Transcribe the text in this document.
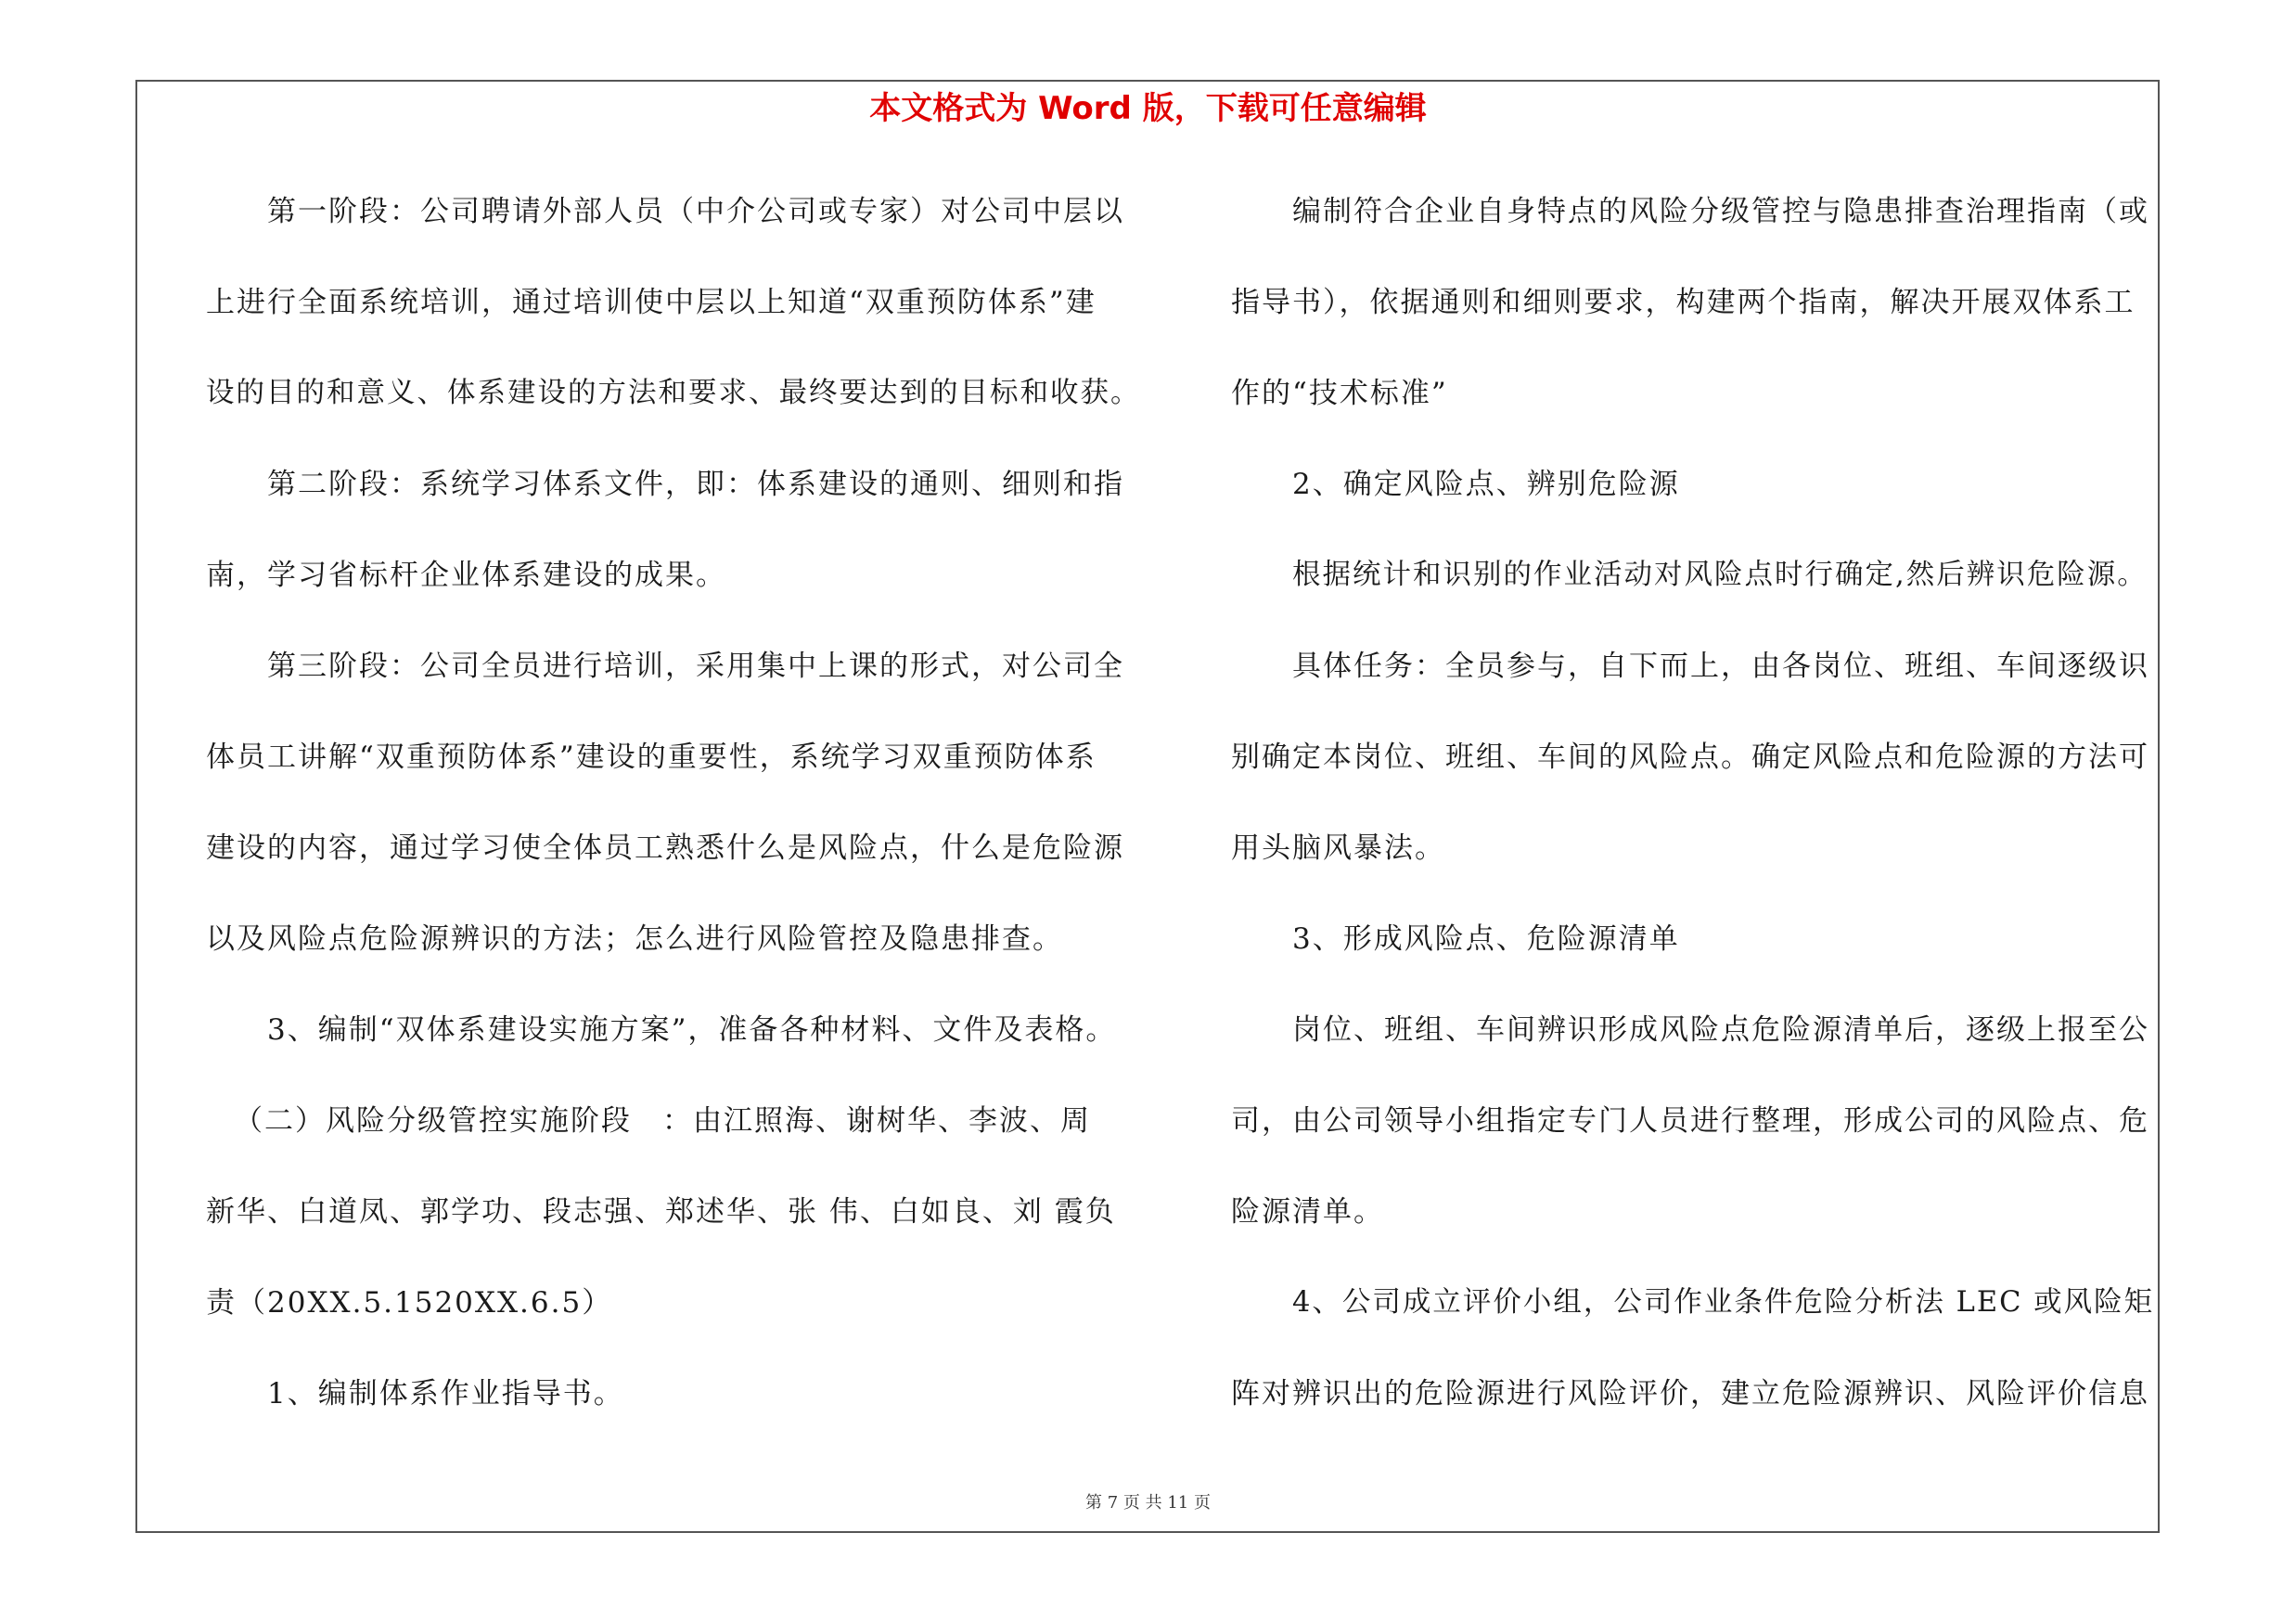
本文格式为 Word 版，下载可任意编辑
第一阶段：公司聘请外部人员（中介公司或专家）对公司中层以
上进行全面系统培训，通过培训使中层以上知道“双重预防体系”建
设的目的和意义、体系建设的方法和要求、最终要达到的目标和收获。
第二阶段：系统学习体系文件，即：体系建设的通则、细则和指
南，学习省标杆企业体系建设的成果。
第三阶段：公司全员进行培训，采用集中上课的形式，对公司全
体员工讲解“双重预防体系”建设的重要性，系统学习双重预防体系
建设的内容，通过学习使全体员工熟悉什么是风险点，什么是危险源
以及风险点危险源辨识的方法；怎么进行风险管控及隐患排查。
3、编制“双体系建设实施方案”，准备各种材料、文件及表格。
（二）风险分级管控实施阶段　：由江照海、谢树华、李波、周
新华、白道凤、郭学功、段志强、郑述华、张 伟、白如良、刘 霞负
责（20XX.5.1520XX.6.5）
1、编制体系作业指导书。
编制符合企业自身特点的风险分级管控与隐患排查治理指南（或
指导书），依据通则和细则要求，构建两个指南，解决开展双体系工
作的“技术标准”
2、确定风险点、辨别危险源
根据统计和识别的作业活动对风险点时行确定,然后辨识危险源。
具体任务：全员参与，自下而上，由各岗位、班组、车间逐级识
别确定本岗位、班组、车间的风险点。确定风险点和危险源的方法可
用头脑风暴法。
3、形成风险点、危险源清单
岗位、班组、车间辨识形成风险点危险源清单后，逐级上报至公
司，由公司领导小组指定专门人员进行整理，形成公司的风险点、危
险源清单。
4、公司成立评价小组，公司作业条件危险分析法 LEC 或风险矩
阵对辨识出的危险源进行风险评价，建立危险源辨识、风险评价信息
第 7 页 共 11 页
